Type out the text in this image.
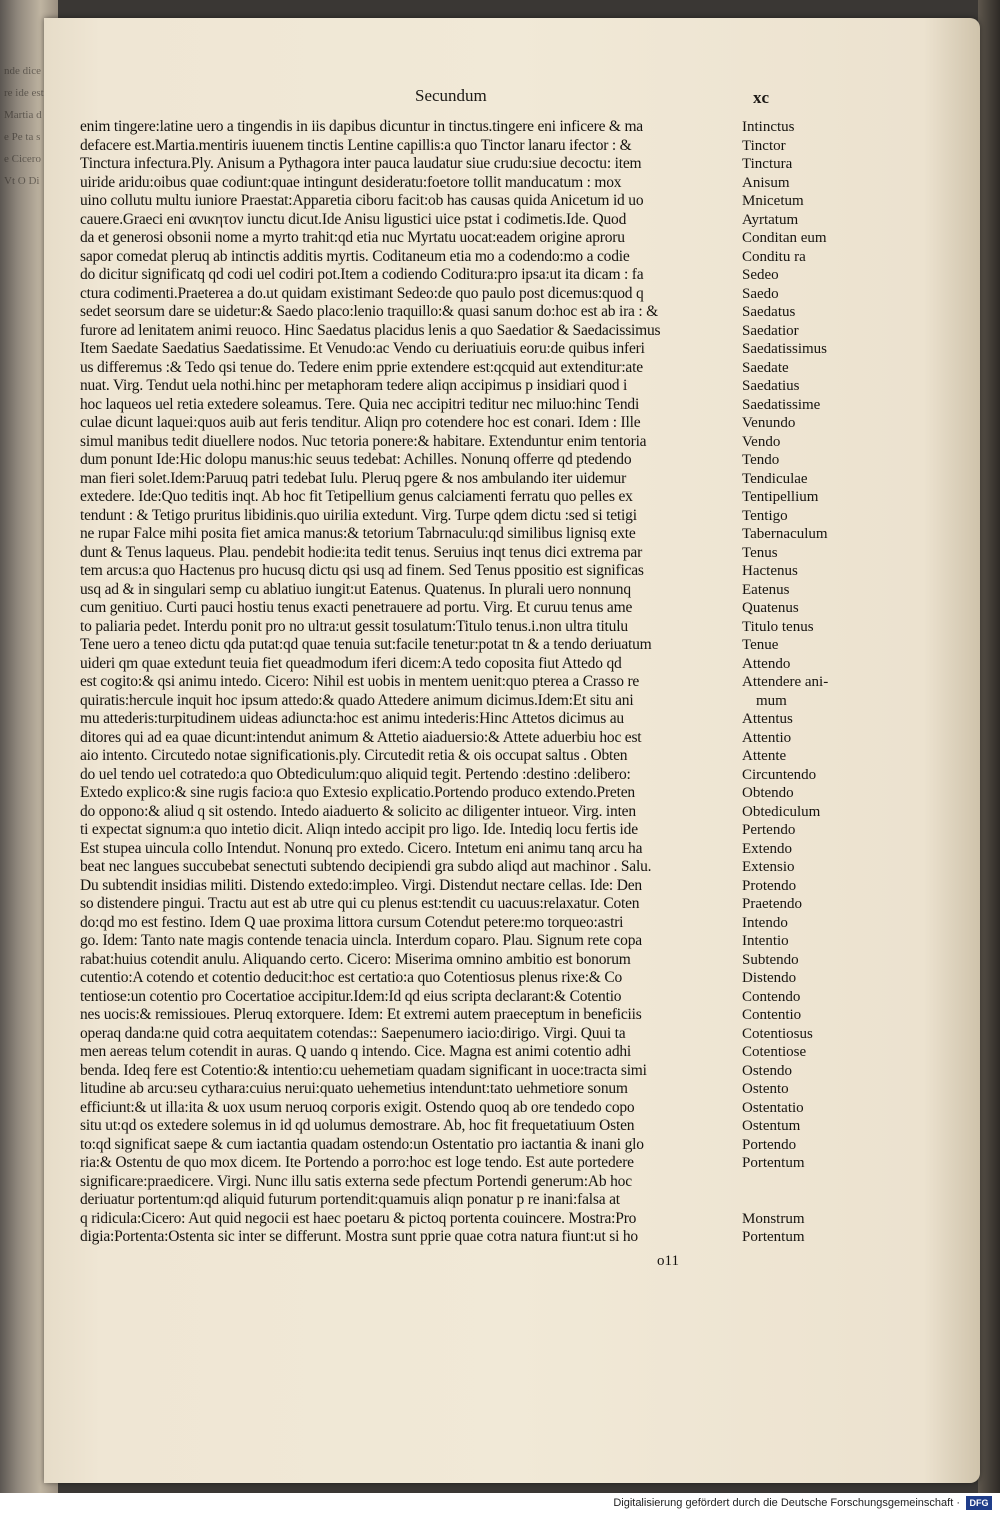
nde dicere ide est Martia de Pe ta se Cicero Vt O Di
Secundum	xc
enim tingere:latine uero a tingendis in iis dapibus dicuntur in tinctus.tingere eni inficere & ma
defacere est.Martia.mentiris iuuenem tinctis Lentine capillis:a quo Tinctor lanaru ifector : &
Tinctura infectura.Ply. Anisum a Pythagora inter pauca laudatur siue crudu:siue decoctu: item
uiride aridu:oibus quae codiunt:quae intingunt desideratu:foetore tollit manducatum : mox
uino collutu multu iuniore Praestat:Apparetia ciboru facit:ob has causas quida Anicetum id uo
cauere.Graeci eni ανικητον iunctu dicut.Ide Anisu ligustici uice pstat i codimetis.Ide. Quod
da et generosi obsonii nome a myrto trahit:qd etia nuc Myrtatu uocat:eadem origine aproru
sapor comedat pleruq ab intinctis additis myrtis. Coditaneum etia mo a codendo:mo a codie
do dicitur significatq qd codi uel codiri pot.Item a codiendo Coditura:pro ipsa:ut ita dicam : fa
ctura codimenti.Praeterea a do.ut quidam existimant Sedeo:de quo paulo post dicemus:quod q
sedet seorsum dare se uidetur:& Saedo placo:lenio traquillo:& quasi sanum do:hoc est ab ira : &
furore ad lenitatem animi reuoco. Hinc Saedatus placidus lenis a quo Saedatior & Saedacissimus
Item Saedate Saedatius Saedatissime. Et Venudo:ac Vendo cu deriuatiuis eoru:de quibus inferi
us differemus :& Tedo qsi tenue do. Tedere enim pprie extendere est:qcquid aut extenditur:ate
nuat. Virg. Tendut uela nothi.hinc per metaphoram tedere aliqn accipimus p insidiari quod i
hoc laqueos uel retia extedere soleamus. Tere. Quia nec accipitri teditur nec miluo:hinc Tendi
culae dicunt laquei:quos auib aut feris tenditur. Aliqn pro cotendere hoc est conari. Idem : Ille
simul manibus tedit diuellere nodos. Nuc tetoria ponere:& habitare. Extenduntur enim tentoria
dum ponunt Ide:Hic dolopu manus:hic seuus tedebat: Achilles. Nonunq offerre qd ptedendo
man fieri solet.Idem:Paruuq patri tedebat Iulu. Pleruq pgere & nos ambulando iter uidemur
extedere. Ide:Quo teditis inqt. Ab hoc fit Tetipellium genus calciamenti ferratu quo pelles ex
tendunt : & Tetigo pruritus libidinis.quo uirilia extedunt. Virg. Turpe qdem dictu :sed si tetigi
ne rupar Falce mihi posita fiet amica manus:& tetorium Tabrnaculu:qd similibus lignisq exte
dunt & Tenus laqueus. Plau. pendebit hodie:ita tedit tenus. Seruius inqt tenus dici extrema par
tem arcus:a quo Hactenus pro hucusq dictu qsi usq ad finem. Sed Tenus ppositio est significas
usq ad & in singulari semp cu ablatiuo iungit:ut Eatenus. Quatenus. In plurali uero nonnunq
cum genitiuo. Curti pauci hostiu tenus exacti penetrauere ad portu. Virg. Et curuu tenus ame
to paliaria pedet. Interdu ponit pro no ultra:ut gessit tosulatum:Titulo tenus.i.non ultra titulu
Tene uero a teneo dictu qda putat:qd quae tenuia sut:facile tenetur:potat tn & a tendo deriuatum
uideri qm quae extedunt teuia fiet queadmodum iferi dicem:A tedo coposita fiut Attedo qd
est cogito:& qsi animu intedo. Cicero: Nihil est uobis in mentem uenit:quo pterea a Crasso re
quiratis:hercule inquit hoc ipsum attedo:& quado Attedere animum dicimus.Idem:Et situ ani
mu attederis:turpitudinem uideas adiuncta:hoc est animu intederis:Hinc Attetos dicimus au
ditores qui ad ea quae dicunt:intendut animum & Attetio aiaduersio:& Attete aduerbiu hoc est
aio intento. Circutedo notae significationis.ply. Circutedit retia & ois occupat saltus . Obten
do uel tendo uel cotratedo:a quo Obtediculum:quo aliquid tegit. Pertendo :destino :delibero:
Extedo explico:& sine rugis facio:a quo Extesio explicatio.Portendo produco extendo.Preten
do oppono:& aliud q sit ostendo. Intedo aiaduerto & solicito ac diligenter intueor. Virg. inten
ti expectat signum:a quo intetio dicit. Aliqn intedo accipit pro ligo. Ide. Intediq locu fertis ide
Est stupea uincula collo Intendut. Nonunq pro extedo. Cicero. Intetum eni animu tanq arcu ha
beat nec langues succubebat senectuti subtendo decipiendi gra subdo aliqd aut machinor . Salu.
Du subtendit insidias militi. Distendo extedo:impleo. Virgi. Distendut nectare cellas. Ide: Den
so distendere pingui. Tractu aut est ab utre qui cu plenus est:tendit cu uacuus:relaxatur. Coten
do:qd mo est festino. Idem Q uae proxima littora cursum Cotendut petere:mo torqueo:astri
go. Idem: Tanto nate magis contende tenacia uincla. Interdum coparo. Plau. Signum rete copa
rabat:huius cotendit anulu. Aliquando certo. Cicero: Miserima omnino ambitio est bonorum
cutentio:A cotendo et cotentio deducit:hoc est certatio:a quo Cotentiosus plenus rixe:& Co
tentiose:un cotentio pro Cocertatioe accipitur.Idem:Id qd eius scripta declarant:& Cotentio
nes uocis:& remissioues. Pleruq extorquere. Idem: Et extremi autem praeceptum in beneficiis
operaq danda:ne quid cotra aequitatem cotendas:: Saepenumero iacio:dirigo. Virgi. Quui ta
men aereas telum cotendit in auras. Q uando q intendo. Cice. Magna est animi cotentio adhi
benda. Ideq fere est Cotentio:& intentio:cu uehemetiam quadam significant in uoce:tracta simi
litudine ab arcu:seu cythara:cuius nerui:quato uehemetius intendunt:tato uehmetiore sonum
efficiunt:& ut illa:ita & uox usum neruoq corporis exigit. Ostendo quoq ab ore tendedo copo
situ ut:qd os extedere solemus in id qd uolumus demostrare. Ab, hoc fit frequetatiuum Osten
to:qd significat saepe & cum iactantia quadam ostendo:un Ostentatio pro iactantia & inani glo
ria:& Ostentu de quo mox dicem. Ite Portendo a porro:hoc est loge tendo. Est aute portedere
significare:praedicere. Virgi. Nunc illu satis externa sede pfectum Portendi generum:Ab hoc
deriuatur portentum:qd aliquid futurum portendit:quamuis aliqn ponatur p re inani:falsa at
q ridicula:Cicero: Aut quid negocii est haec poetaru & pictoq portenta couincere. Mostra:Pro
digia:Portenta:Ostenta sic inter se differunt. Mostra sunt pprie quae cotra natura fiunt:ut si ho
Intinctus
Tinctor
Tinctura
Anisum
Mnicetum
Ayrtatum
Conditan eum
Conditu ra
Sedeo
Saedo
Saedatus
Saedatior
Saedatissimus
Saedate
Saedatius
Saedatissime
Venundo
Vendo
Tendo
Tendiculae
Tentipellium
Tentigo
Tabernaculum
Tenus
Hactenus
Eatenus
Quatenus
Titulo tenus
Tenue
Attendo
Attendere ani-
mum
Attentus
Attentio
Attente
Circuntendo
Obtendo
Obtediculum
Pertendo
Extendo
Extensio
Protendo
Praetendo
Intendo
Intentio
Subtendo
Distendo
Contendo
Contentio
Cotentiosus
Cotentiose
Ostendo
Ostento
Ostentatio
Ostentum
Portendo
Portentum
Monstrum
Portentum
o11
Digitalisierung gefördert durch die Deutsche Forschungsgemeinschaft ·	DFG
